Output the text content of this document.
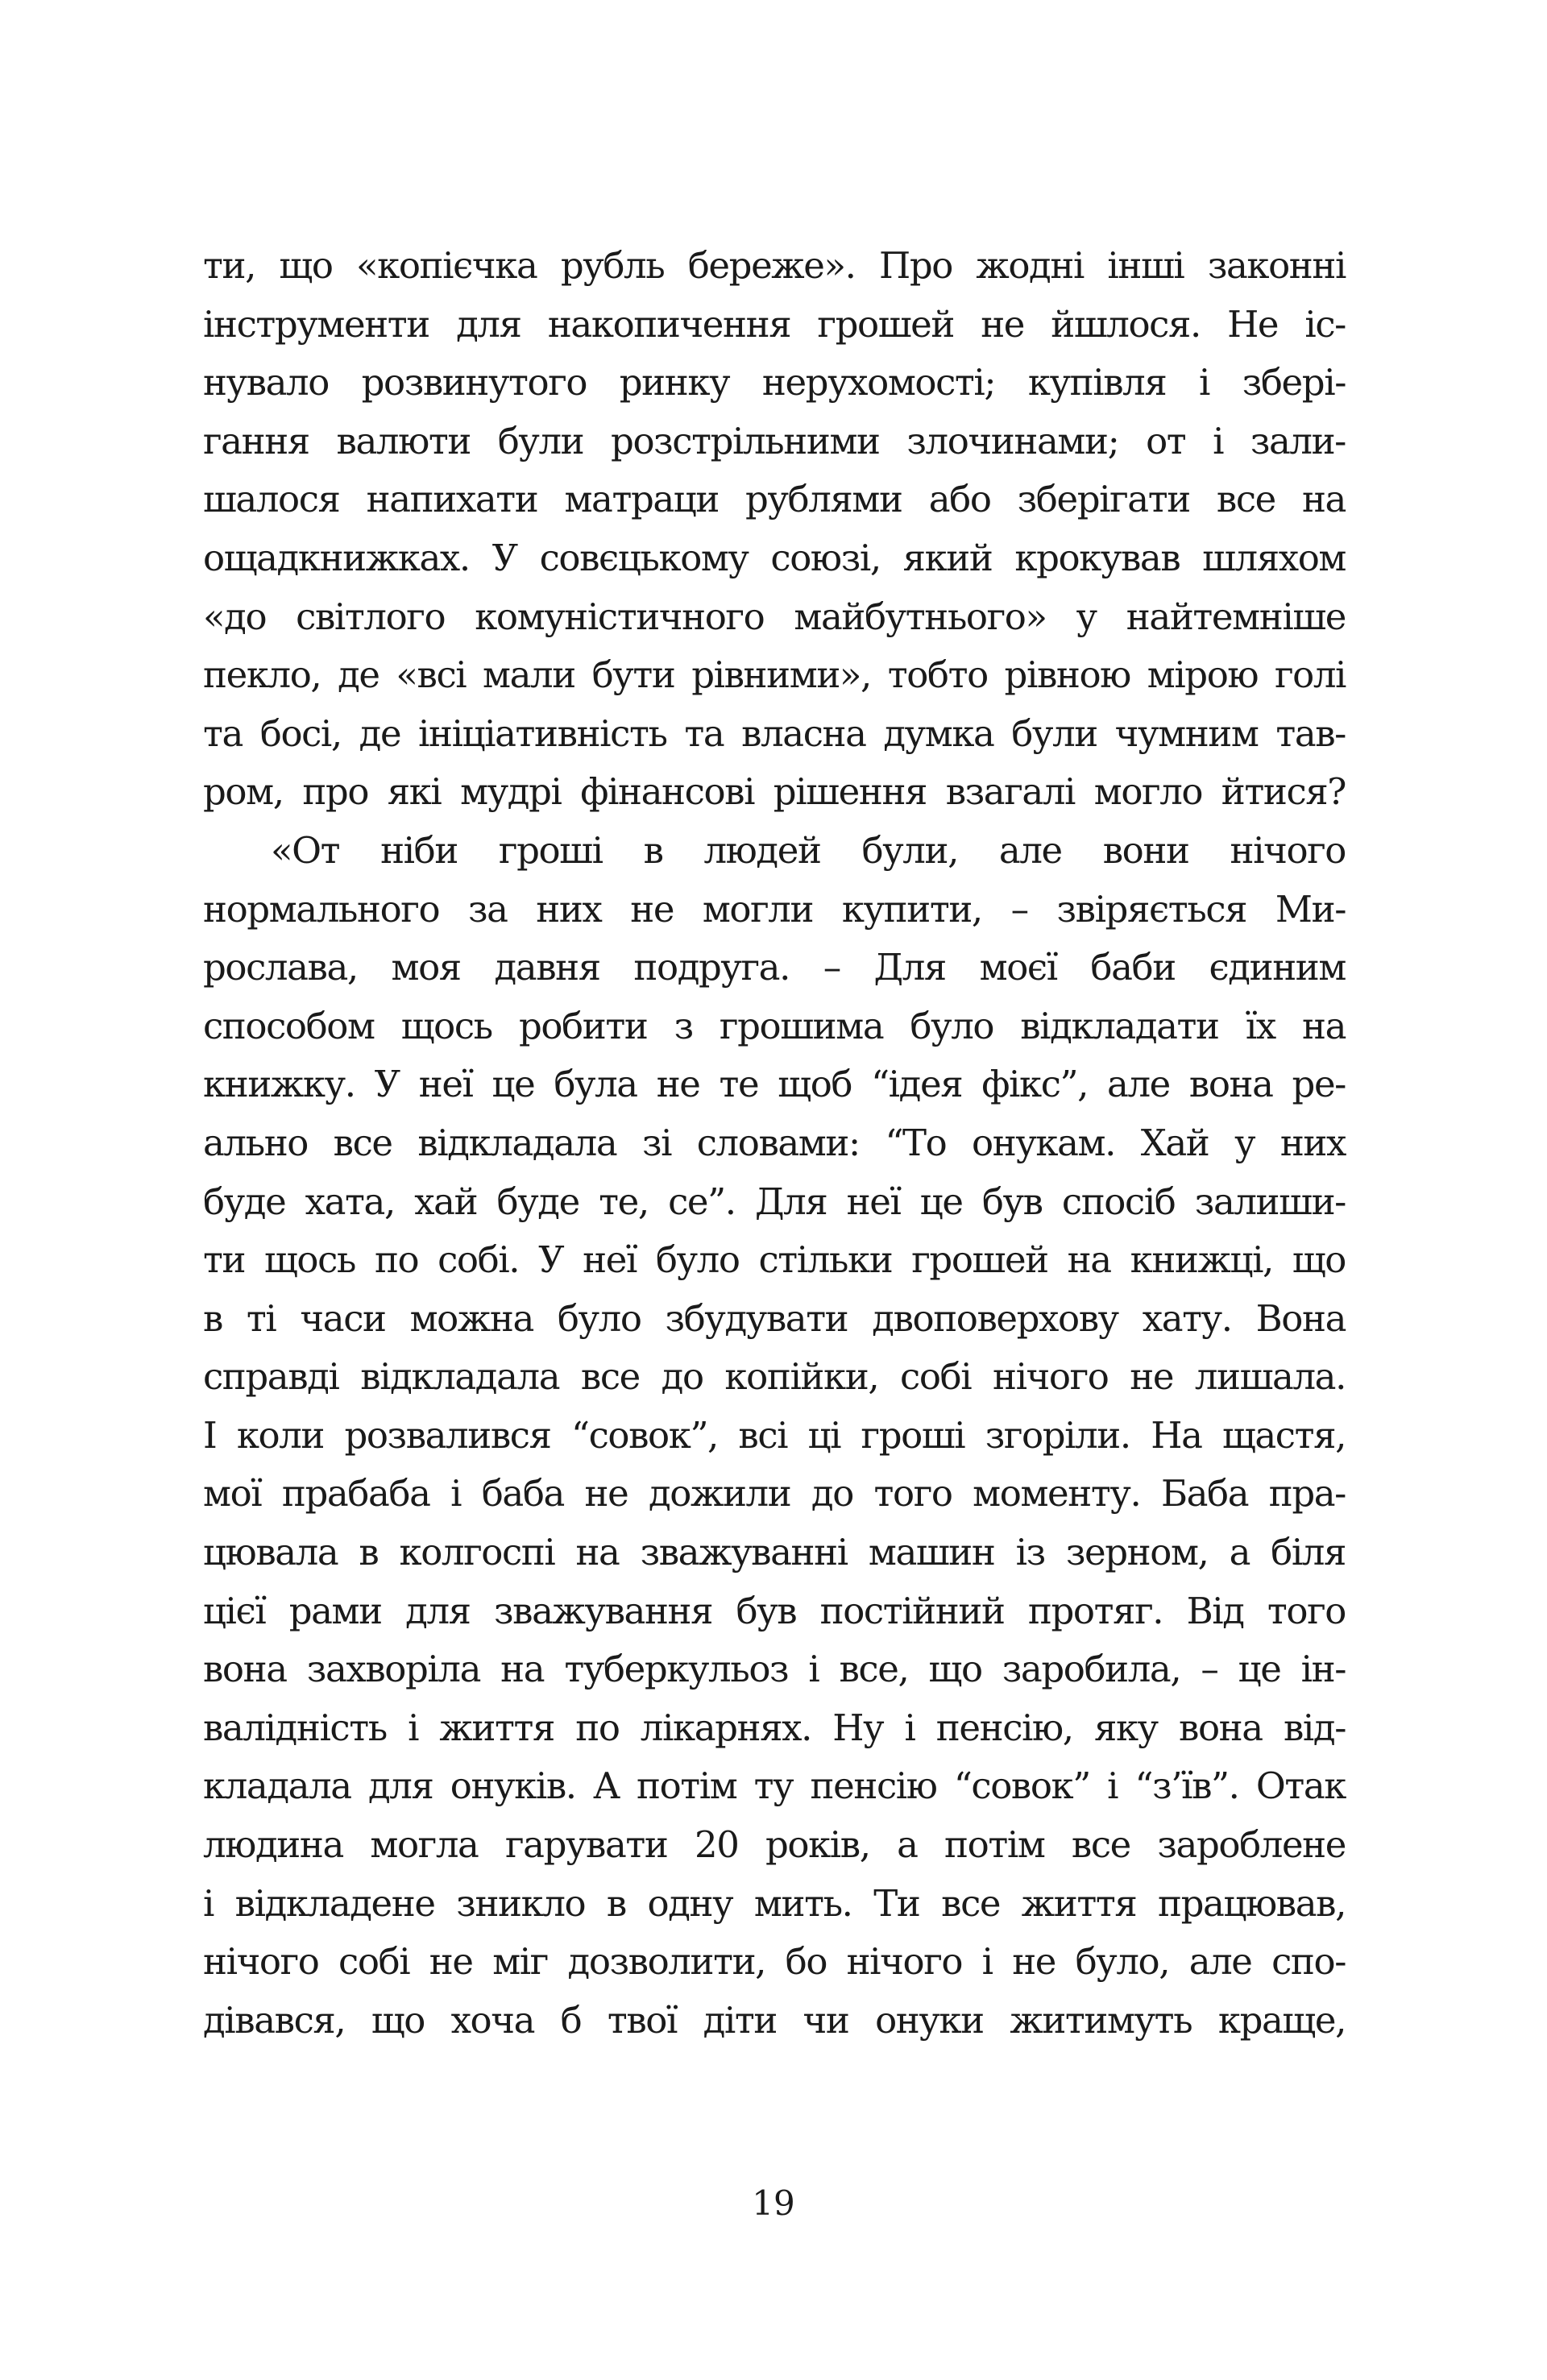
ти, що «копієчка рубль береже». Про жодні інші законні
інструменти для накопичення грошей не йшлося. Не іс-
нувало розвинутого ринку нерухомості; купівля і збері-
гання валюти були розстрільними злочинами; от і зали-
шалося напихати матраци рублями або зберігати все на
ощадкнижках. У совєцькому союзі, який крокував шляхом
«до світлого комуністичного майбутнього» у найтемніше
пекло, де «всі мали бути рівними», тобто рівною мірою голі
та босі, де ініціативність та власна думка були чумним тав-
ром, про які мудрі фінансові рішення взагалі могло йтися?
«От ніби гроші в людей були, але вони нічого
нормального за них не могли купити, – звіряється Ми-
рослава, моя давня подруга. – Для моєї баби єдиним
способом щось робити з грошима було відкладати їх на
книжку. У неї це була не те щоб “ідея фікс”, але вона ре-
ально все відкладала зі словами: “То онукам. Хай у них
буде хата, хай буде те, се”. Для неї це був спосіб залиши-
ти щось по собі. У неї було стільки грошей на книжці, що
в ті часи можна було збудувати двоповерхову хату. Вона
справді відкладала все до копійки, собі нічого не лишала.
І коли розвалився “совок”, всі ці гроші згоріли. На щастя,
мої прабаба і баба не дожили до того моменту. Баба пра-
цювала в колгоспі на зважуванні машин із зерном, а біля
цієї рами для зважування був постійний протяг. Від того
вона захворіла на туберкульоз і все, що заробила, – це ін-
валідність і життя по лікарнях. Ну і пенсію, яку вона від-
кладала для онуків. А потім ту пенсію “совок” і “з’їв”. Отак
людина могла гарувати 20 років, а потім все зароблене
і відкладене зникло в одну мить. Ти все життя працював,
нічого собі не міг дозволити, бо нічого і не було, але спо-
дівався, що хоча б твої діти чи онуки житимуть краще,
19
